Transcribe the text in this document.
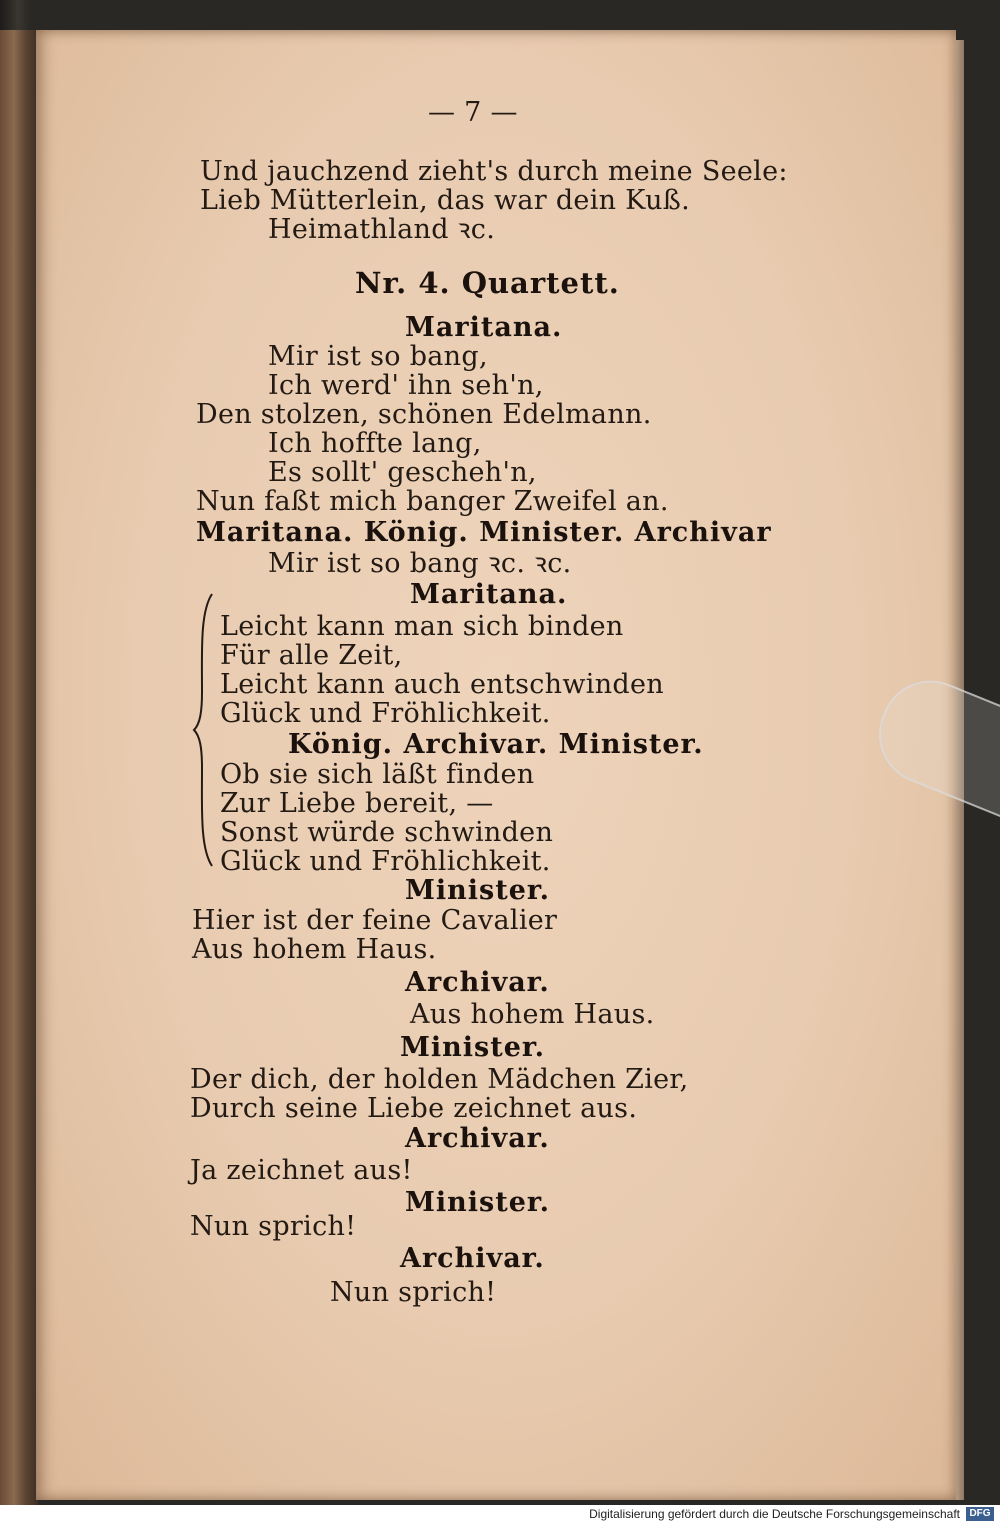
— 7 —
Und jauchzend zieht's durch meine Seele:
Lieb Mütterlein, das war dein Kuß.
Heimathland ꝛc.
Nr. 4. Quartett.
Maritana.
Mir ist so bang,
Ich werd' ihn seh'n,
Den stolzen, schönen Edelmann.
Ich hoffte lang,
Es sollt' gescheh'n,
Nun faßt mich banger Zweifel an.
Maritana. König. Minister. Archivar
Mir ist so bang ꝛc. ꝛc.
Maritana.
Leicht kann man sich binden
Für alle Zeit,
Leicht kann auch entschwinden
Glück und Fröhlichkeit.
König. Archivar. Minister.
Ob sie sich läßt finden
Zur Liebe bereit, —
Sonst würde schwinden
Glück und Fröhlichkeit.
Minister.
Hier ist der feine Cavalier
Aus hohem Haus.
Archivar.
Aus hohem Haus.
Minister.
Der dich, der holden Mädchen Zier,
Durch seine Liebe zeichnet aus.
Archivar.
Ja zeichnet aus!
Minister.
Nun sprich!
Archivar.
Nun sprich!
Digitalisierung gefördert durch die Deutsche Forschungsgemeinschaft DFG
